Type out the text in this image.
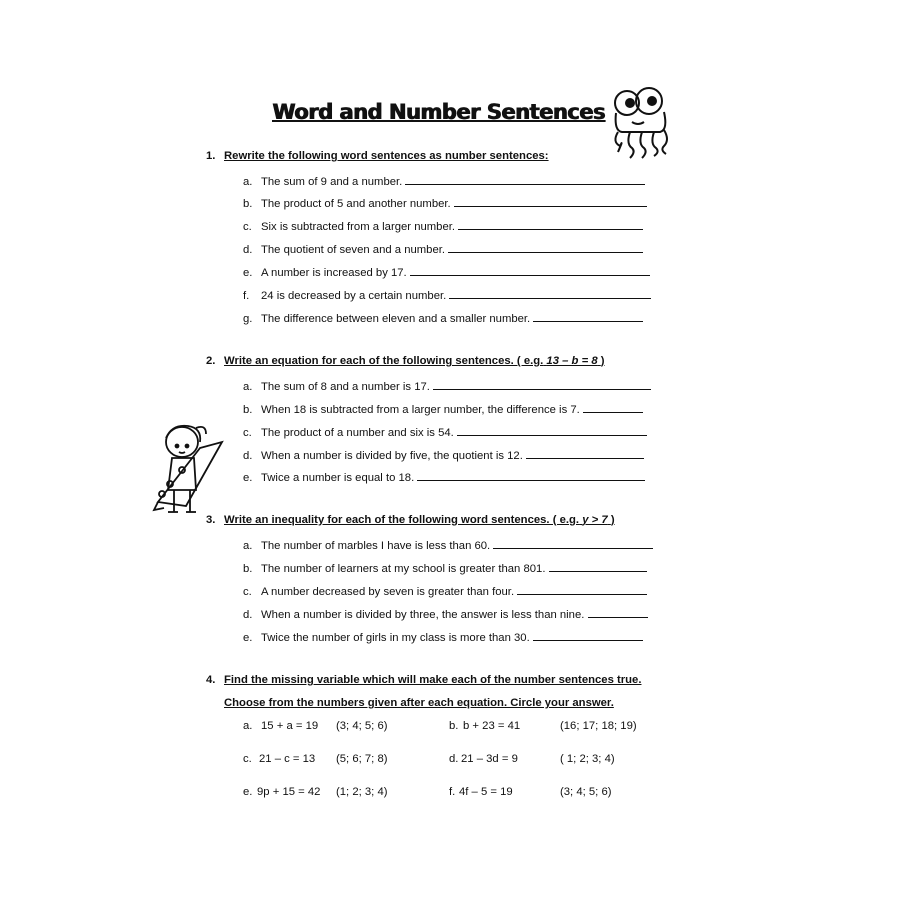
Word and Number Sentences
1. Rewrite the following word sentences as number sentences:
a. The sum of 9 and a number.
b. The product of 5 and another number.
c. Six is subtracted from a larger number.
d. The quotient of seven and a number.
e. A number is increased by 17.
f. 24 is decreased by a certain number.
g. The difference between eleven and a smaller number.
2. Write an equation for each of the following sentences. ( e.g. 13 – b = 8 )
a. The sum of 8 and a number is 17.
b. When 18 is subtracted from a larger number, the difference is 7.
c. The product of a number and six is 54.
d. When a number is divided by five, the quotient is 12.
e. Twice a number is equal to 18.
3. Write an inequality for each of the following word sentences. ( e.g. y > 7 )
a. The number of marbles I have is less than 60.
b. The number of learners at my school is greater than 801.
c. A number decreased by seven is greater than four.
d. When a number is divided by three, the answer is less than nine.
e. Twice the number of girls in my class is more than 30.
4. Find the missing variable which will make each of the number sentences true.
Choose from the numbers given after each equation. Circle your answer.
a. 15 + a = 19 (3; 4; 5; 6)	b. b + 23 = 41	(16; 17; 18; 19)
c. 21 – c = 13 (5; 6; 7; 8)	d. 21 – 3d = 9	( 1; 2; 3; 4)
e. 9p + 15 = 42 (1; 2; 3; 4)	f. 4f – 5 = 19	(3; 4; 5; 6)
